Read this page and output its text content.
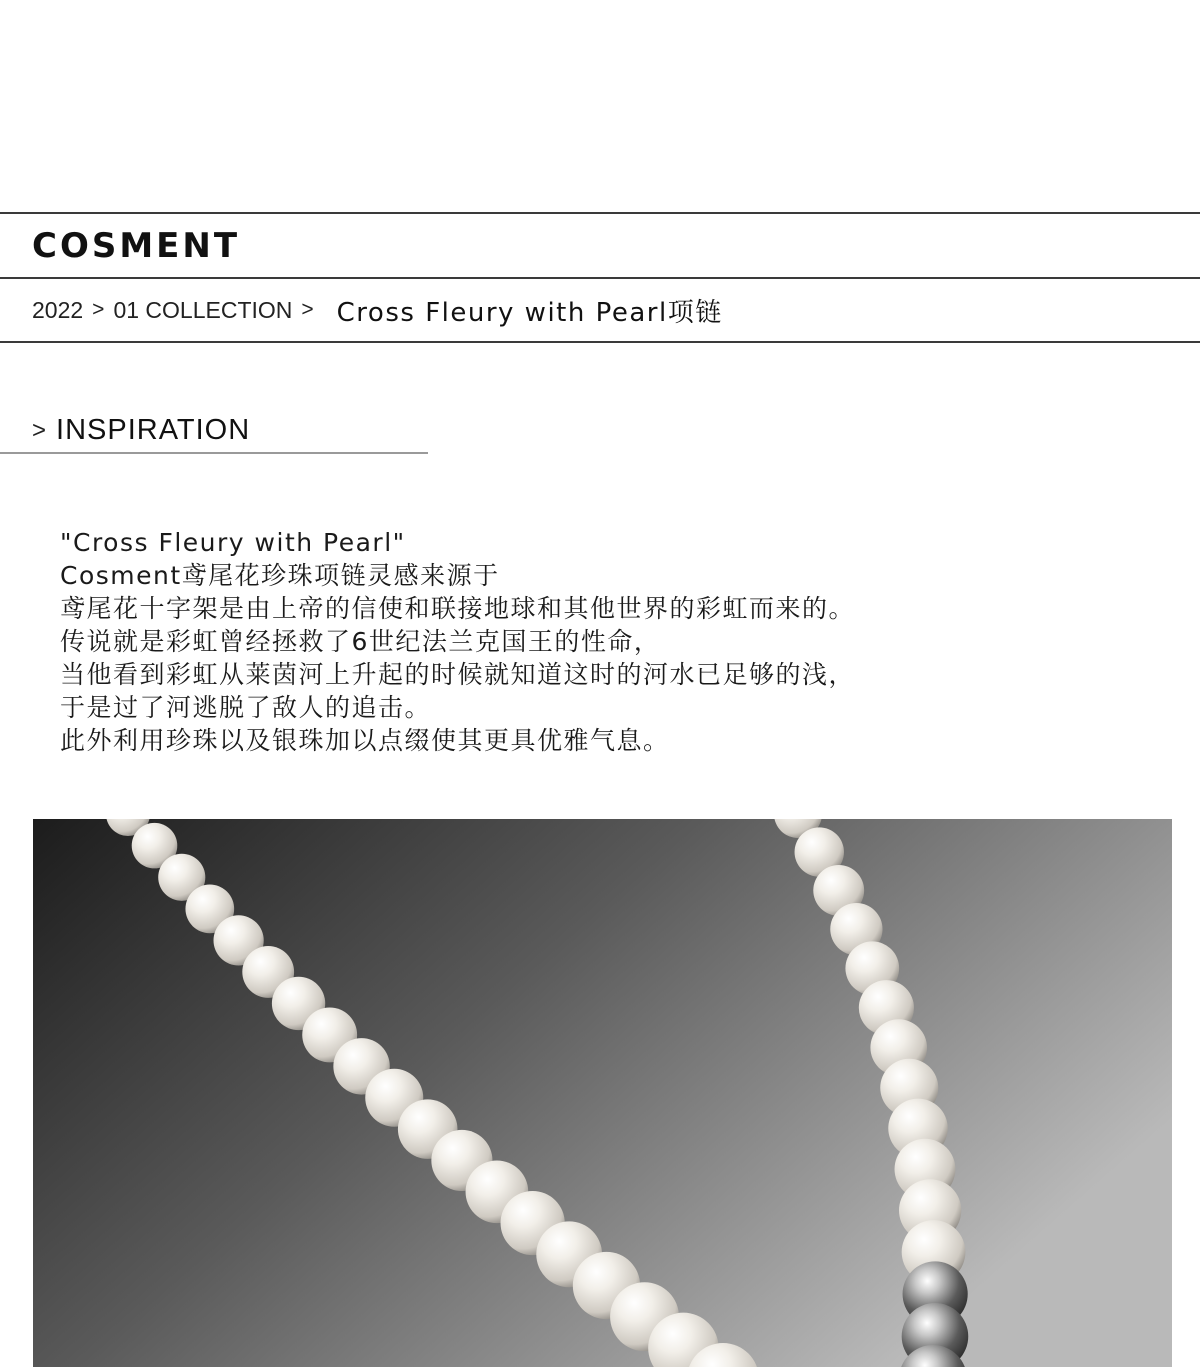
COSMENT
2022 > 01 COLLECTION > Cross Fleury with Pearl项链
> INSPIRATION
"Cross Fleury with Pearl"
Cosment鸢尾花珍珠项链灵感来源于
鸢尾花十字架是由上帝的信使和联接地球和其他世界的彩虹而来的。
传说就是彩虹曾经拯救了6世纪法兰克国王的性命，
当他看到彩虹从莱茵河上升起的时候就知道这时的河水已足够的浅，
于是过了河逃脱了敌人的追击。
此外利用珍珠以及银珠加以点缀使其更具优雅气息。
